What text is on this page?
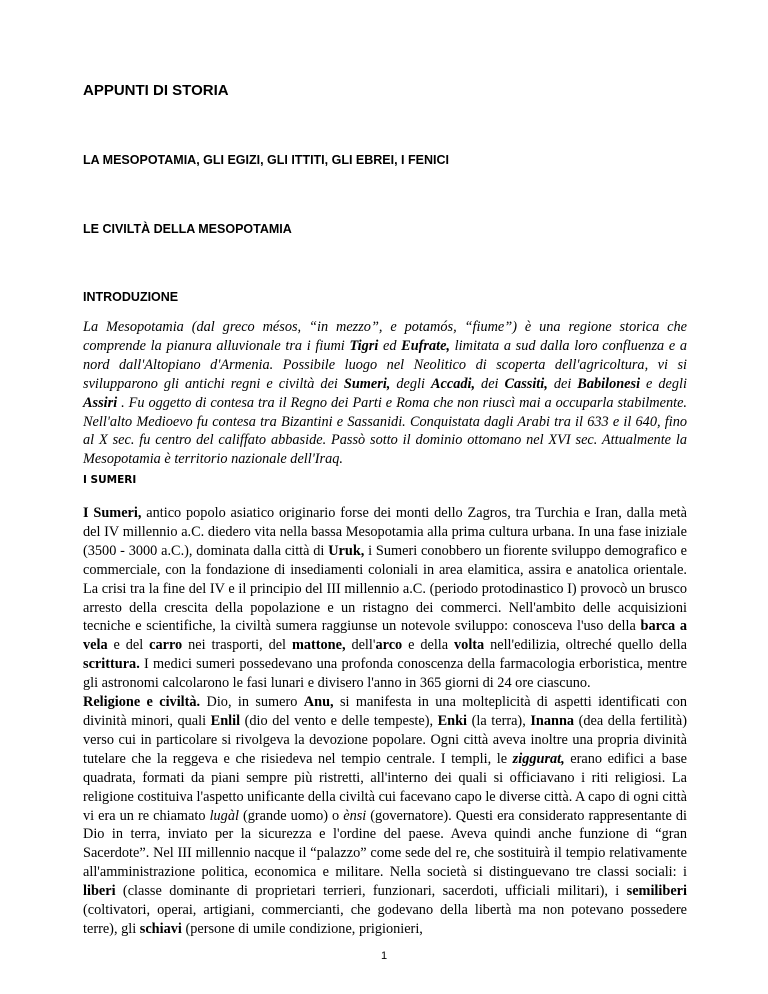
APPUNTI DI STORIA
LA MESOPOTAMIA, GLI EGIZI, GLI ITTITI, GLI EBREI, I FENICI
LE CIVILTÀ DELLA MESOPOTAMIA
INTRODUZIONE

La Mesopotamia (dal greco mésos, “in mezzo”, e potamós, “fiume”) è una regione storica che comprende la pianura alluvionale tra i fiumi Tigri ed Eufrate, limitata a sud dalla loro confluenza e a nord dall'Altopiano d'Armenia. Possibile luogo nel Neolitico di scoperta dell'agricoltura, vi si svilupparono gli antichi regni e civiltà dei Sumeri, degli Accadi, dei Cassiti, dei Babilonesi e degli Assiri . Fu oggetto di contesa tra il Regno dei Parti e Roma che non riuscì mai a occuparla stabilmente. Nell'alto Medioevo fu contesa tra Bizantini e Sassanidi. Conquistata dagli Arabi tra il 633 e il 640, fino al X sec. fu centro del califfato abbaside. Passò sotto il dominio ottomano nel XVI sec. Attualmente la Mesopotamia è territorio nazionale dell'Iraq.

I SUMERI

I Sumeri, antico popolo asiatico originario forse dei monti dello Zagros, tra Turchia e Iran, dalla metà del IV millennio a.C. diedero vita nella bassa Mesopotamia alla prima cultura urbana. In una fase iniziale (3500 - 3000 a.C.), dominata dalla città di Uruk, i Sumeri conobbero un fiorente sviluppo demografico e commerciale, con la fondazione di insediamenti coloniali in area elamitica, assira e anatolica orientale. La crisi tra la fine del IV e il principio del III millennio a.C. (periodo protodinastico I) provocò un brusco arresto della crescita della popolazione e un ristagno dei commerci. Nell'ambito delle acquisizioni tecniche e scientifiche, la civiltà sumera raggiunse un notevole sviluppo: conosceva l'uso della barca a vela e del carro nei trasporti, del mattone, dell'arco e della volta nell'edilizia, oltreché quello della scrittura. I medici sumeri possedevano una profonda conoscenza della farmacologia erboristica, mentre gli astronomi calcolarono le fasi lunari e divisero l'anno in 365 giorni di 24 ore ciascuno.
Religione e civiltà. Dio, in sumero Anu, si manifesta in una molteplicità di aspetti identificati con divinità minori, quali Enlil (dio del vento e delle tempeste), Enki (la terra), Inanna (dea della fertilità) verso cui in particolare si rivolgeva la devozione popolare. Ogni città aveva inoltre una propria divinità tutelare che la reggeva e che risiedeva nel tempio centrale. I templi, le ziggurat, erano edifici a base quadrata, formati da piani sempre più ristretti, all'interno dei quali si officiavano i riti religiosi. La religione costituiva l'aspetto unificante della civiltà cui facevano capo le diverse città. A capo di ogni città vi era un re chiamato lugàl (grande uomo) o ènsi (governatore). Questi era considerato rappresentante di Dio in terra, inviato per la sicurezza e l'ordine del paese. Aveva quindi anche funzione di “gran Sacerdote”. Nel III millennio nacque il “palazzo” come sede del re, che sostituirà il tempio relativamente all'amministrazione politica, economica e militare. Nella società si distinguevano tre classi sociali: i liberi (classe dominante di proprietari terrieri, funzionari, sacerdoti, ufficiali militari), i semiliberi (coltivatori, operai, artigiani, commercianti, che godevano della libertà ma non potevano possedere terre), gli schiavi (persone di umile condizione, prigionieri,

1
